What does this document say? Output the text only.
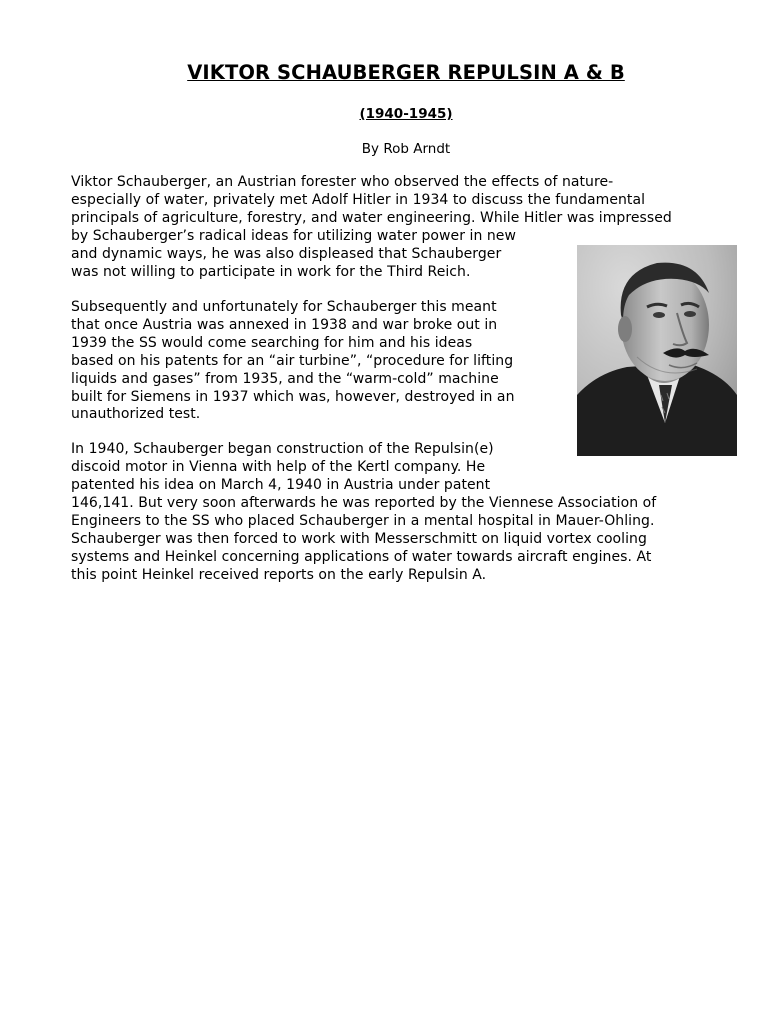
VIKTOR SCHAUBERGER REPULSIN A & B
(1940-1945)
By Rob Arndt
Viktor Schauberger, an Austrian forester who observed the effects of nature-
especially of water, privately met Adolf Hitler in 1934 to discuss the fundamental
principals of agriculture, forestry, and water engineering. While Hitler was impressed
by Schauberger’s radical ideas for utilizing water power in new
and dynamic ways, he was also displeased that Schauberger
was not willing to participate in work for the Third Reich.
Subsequently and unfortunately for Schauberger this meant
that once Austria was annexed in 1938 and war broke out in
1939 the SS would come searching for him and his ideas
based on his patents for an “air turbine”, “procedure for lifting
liquids and gases” from 1935, and the “warm-cold” machine
built for Siemens in 1937 which was, however, destroyed in an
unauthorized test.
In 1940, Schauberger began construction of the Repulsin(e)
discoid motor in Vienna with help of the Kertl company. He
patented his idea on March 4, 1940 in Austria under patent
146,141. But very soon afterwards he was reported by the Viennese Association of
Engineers to the SS who placed Schauberger in a mental hospital in Mauer-Ohling.
Schauberger was then forced to work with Messerschmitt on liquid vortex cooling
systems and Heinkel concerning applications of water towards aircraft engines. At
this point Heinkel received reports on the early Repulsin A.
